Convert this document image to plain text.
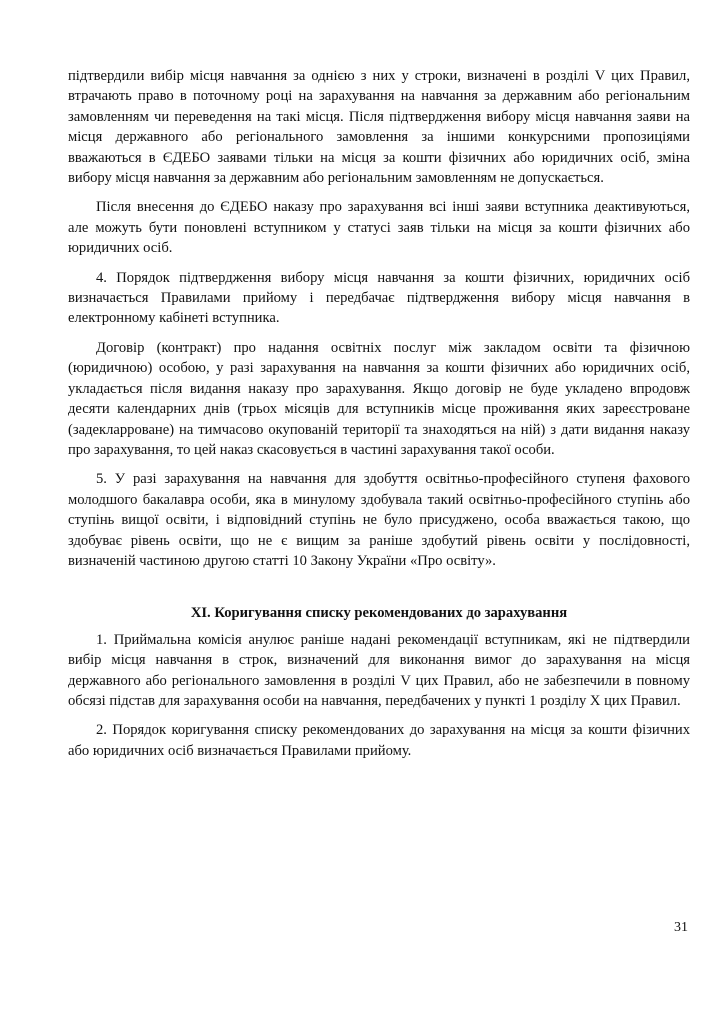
підтвердили вибір місця навчання за однією з них у строки, визначені в розділі V цих Правил, втрачають право в поточному році на зарахування на навчання за державним або регіональним замовленням чи переведення на такі місця. Після підтвердження вибору місця навчання заяви на місця державного або регіонального замовлення за іншими конкурсними пропозиціями вважаються в ЄДЕБО заявами тільки на місця за кошти фізичних або юридичних осіб, зміна вибору місця навчання за державним або регіональним замовленням не допускається.

Після внесення до ЄДЕБО наказу про зарахування всі інші заяви вступника деактивуються, але можуть бути поновлені вступником у статусі заяв тільки на місця за кошти фізичних або юридичних осіб.

4. Порядок підтвердження вибору місця навчання за кошти фізичних, юридичних осіб визначається Правилами прийому і передбачає підтвердження вибору місця навчання в електронному кабінеті вступника.

Договір (контракт) про надання освітніх послуг між закладом освіти та фізичною (юридичною) особою, у разі зарахування на навчання за кошти фізичних або юридичних осіб, укладається після видання наказу про зарахування. Якщо договір не буде укладено впродовж десяти календарних днів (трьох місяців для вступників місце проживання яких зареєстроване (задекларроване) на тимчасово окупованій території та знаходяться на ній) з дати видання наказу про зарахування, то цей наказ скасовується в частині зарахування такої особи.

5. У разі зарахування на навчання для здобуття освітньо-професійного ступеня фахового молодшого бакалавра особи, яка в минулому здобувала такий освітньо-професійного ступінь або ступінь вищої освіти, і відповідний ступінь не було присуджено, особа вважається такою, що здобуває рівень освіти, що не є вищим за раніше здобутий рівень освіти у послідовності, визначеній частиною другою статті 10 Закону України «Про освіту».

XI. Коригування списку рекомендованих до зарахування

1. Приймальна комісія анулює раніше надані рекомендації вступникам, які не підтвердили вибір місця навчання в строк, визначений для виконання вимог до зарахування на місця державного або регіонального замовлення в розділі V цих Правил, або не забезпечили в повному обсязі підстав для зарахування особи на навчання, передбачених у пункті 1 розділу X цих Правил.

2. Порядок коригування списку рекомендованих до зарахування на місця за кошти фізичних або юридичних осіб визначається Правилами прийому.

31
